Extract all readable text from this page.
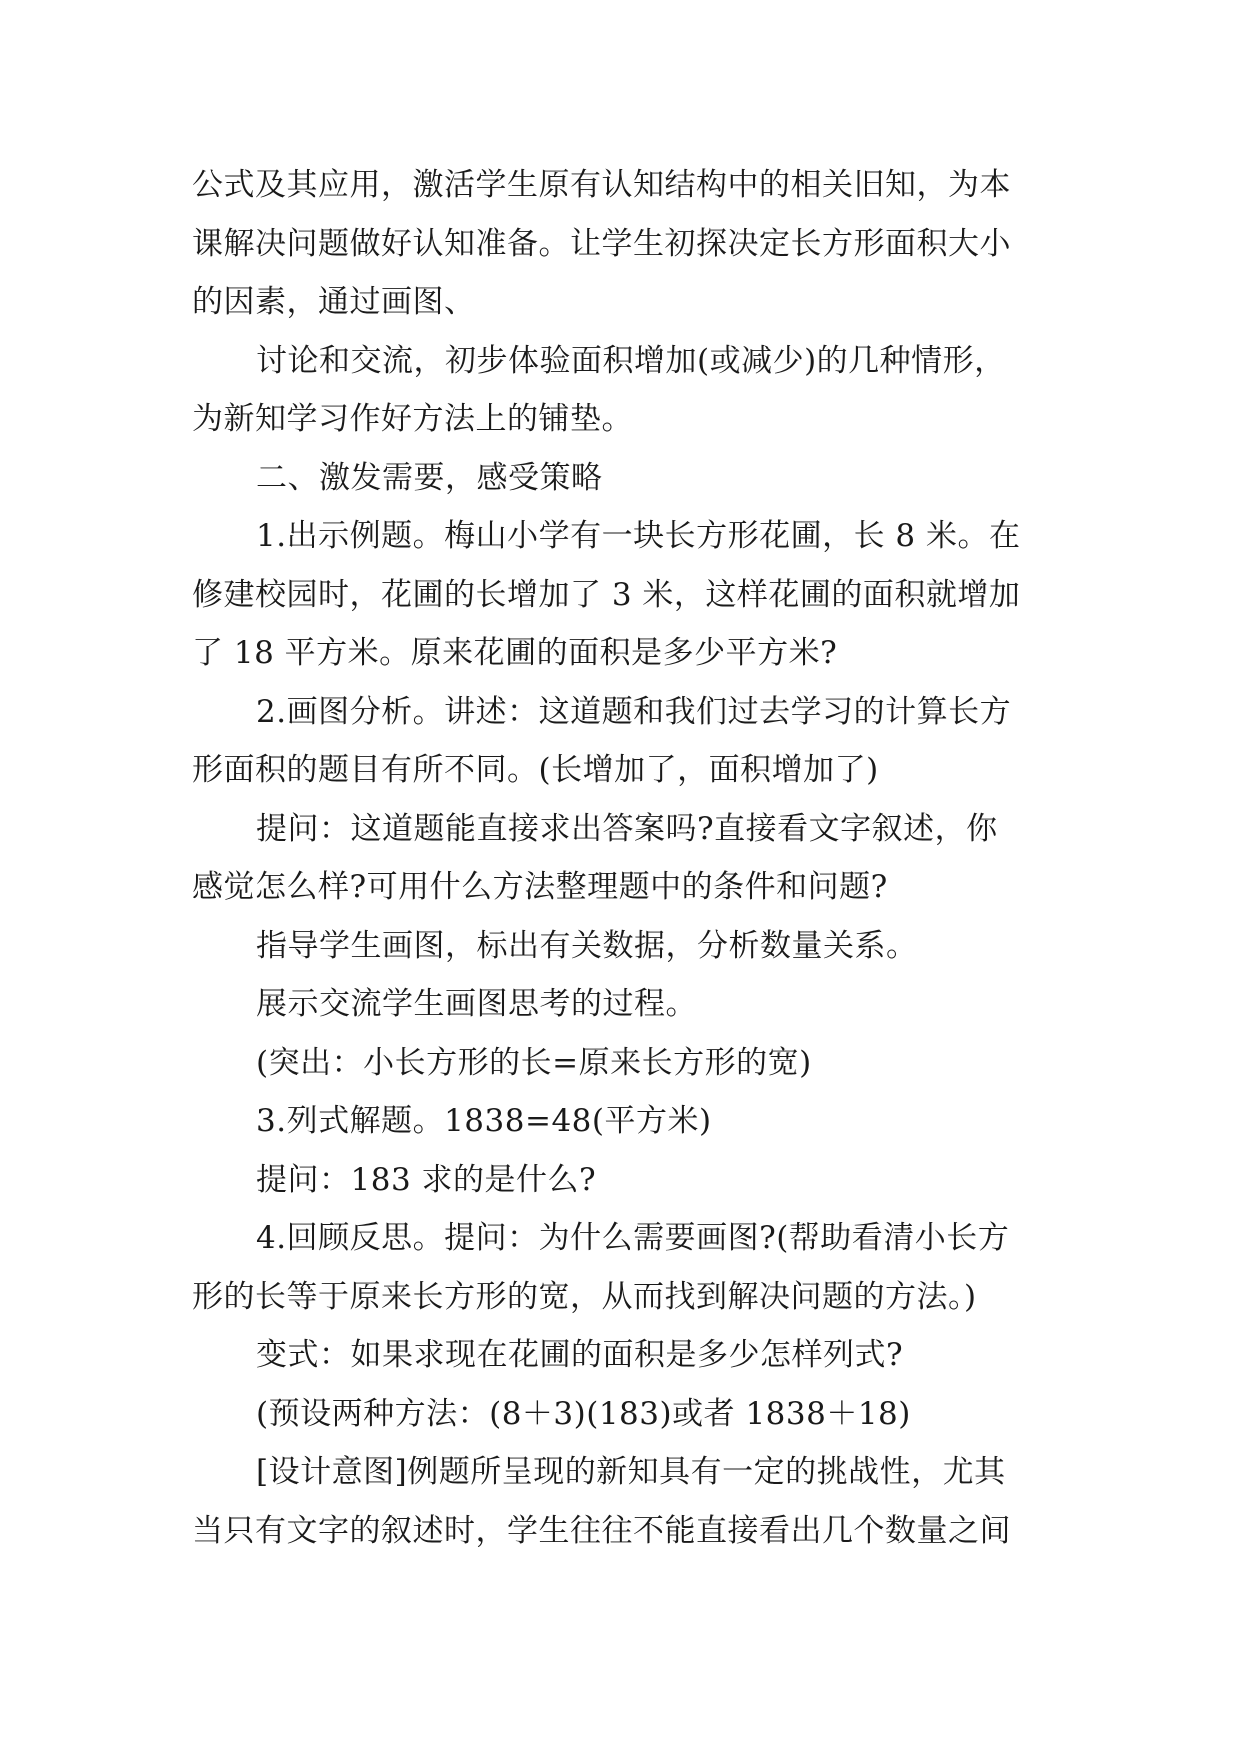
公式及其应用，激活学生原有认知结构中的相关旧知，为本

课解决问题做好认知准备。让学生初探决定长方形面积大小

的因素，通过画图、

讨论和交流，初步体验面积增加(或减少)的几种情形，

为新知学习作好方法上的铺垫。

二、激发需要，感受策略

1.出示例题。梅山小学有一块长方形花圃，长 8 米。在

修建校园时，花圃的长增加了 3 米，这样花圃的面积就增加

了 18 平方米。原来花圃的面积是多少平方米?

2.画图分析。讲述：这道题和我们过去学习的计算长方

形面积的题目有所不同。(长增加了，面积增加了)

提问：这道题能直接求出答案吗?直接看文字叙述，你

感觉怎么样?可用什么方法整理题中的条件和问题?

指导学生画图，标出有关数据，分析数量关系。

展示交流学生画图思考的过程。

(突出：小长方形的长=原来长方形的宽)

3.列式解题。1838=48(平方米)

提问：183 求的是什么?

4.回顾反思。提问：为什么需要画图?(帮助看清小长方

形的长等于原来长方形的宽，从而找到解决问题的方法。)

变式：如果求现在花圃的面积是多少怎样列式?

(预设两种方法：(8＋3)(183)或者 1838＋18)

[设计意图]例题所呈现的新知具有一定的挑战性，尤其

当只有文字的叙述时，学生往往不能直接看出几个数量之间
